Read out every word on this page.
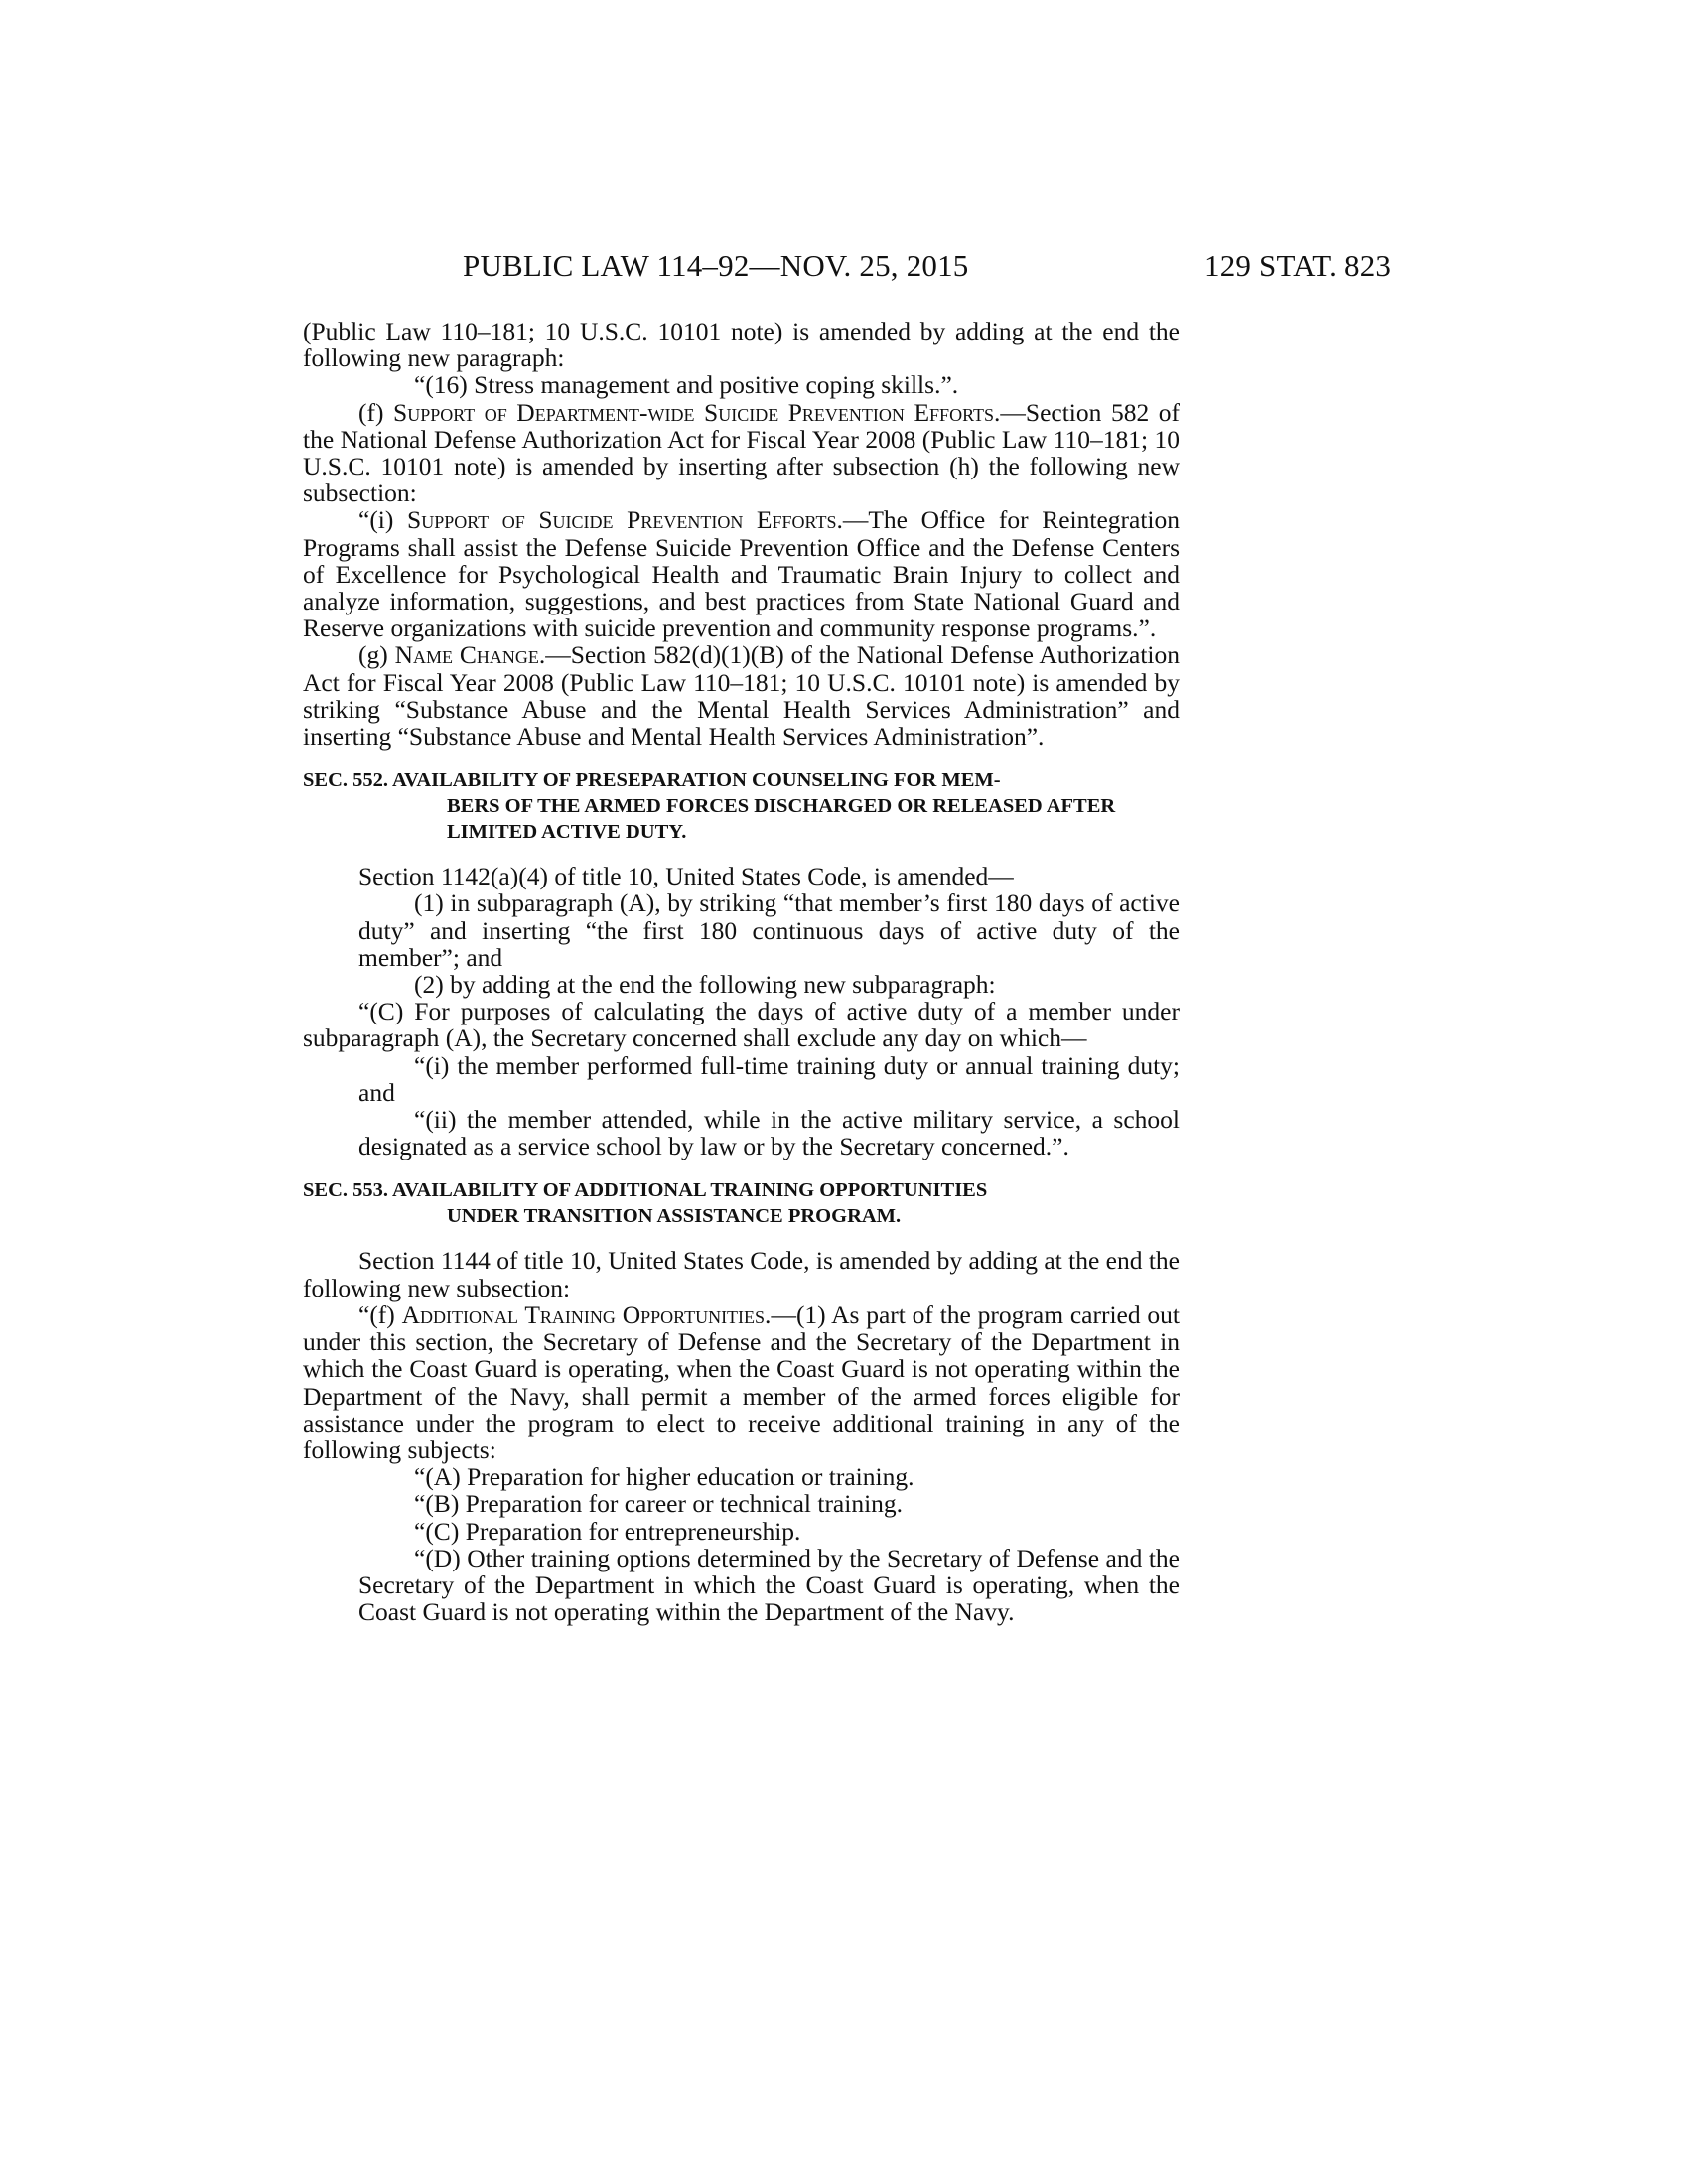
PUBLIC LAW 114–92—NOV. 25, 2015	129 STAT. 823

(Public Law 110–181; 10 U.S.C. 10101 note) is amended by adding at the end the following new paragraph:

“(16) Stress management and positive coping skills.”.

(f) Support of Department-wide Suicide Prevention Efforts.—Section 582 of the National Defense Authorization Act for Fiscal Year 2008 (Public Law 110–181; 10 U.S.C. 10101 note) is amended by inserting after subsection (h) the following new subsection:

“(i) Support of Suicide Prevention Efforts.—The Office for Reintegration Programs shall assist the Defense Suicide Prevention Office and the Defense Centers of Excellence for Psychological Health and Traumatic Brain Injury to collect and analyze information, suggestions, and best practices from State National Guard and Reserve organizations with suicide prevention and community response programs.”.

(g) Name Change.—Section 582(d)(1)(B) of the National Defense Authorization Act for Fiscal Year 2008 (Public Law 110–181; 10 U.S.C. 10101 note) is amended by striking “Substance Abuse and the Mental Health Services Administration” and inserting “Substance Abuse and Mental Health Services Administration”.

SEC. 552. AVAILABILITY OF PRESEPARATION COUNSELING FOR MEM-
BERS OF THE ARMED FORCES DISCHARGED OR RELEASED AFTER LIMITED ACTIVE DUTY.

Section 1142(a)(4) of title 10, United States Code, is amended—

(1) in subparagraph (A), by striking “that member’s first 180 days of active duty” and inserting “the first 180 continuous days of active duty of the member”; and

(2) by adding at the end the following new subparagraph:

“(C) For purposes of calculating the days of active duty of a member under subparagraph (A), the Secretary concerned shall exclude any day on which—

“(i) the member performed full-time training duty or annual training duty; and

“(ii) the member attended, while in the active military service, a school designated as a service school by law or by the Secretary concerned.”.

SEC. 553. AVAILABILITY OF ADDITIONAL TRAINING OPPORTUNITIES
UNDER TRANSITION ASSISTANCE PROGRAM.

Section 1144 of title 10, United States Code, is amended by adding at the end the following new subsection:

“(f) Additional Training Opportunities.—(1) As part of the program carried out under this section, the Secretary of Defense and the Secretary of the Department in which the Coast Guard is operating, when the Coast Guard is not operating within the Department of the Navy, shall permit a member of the armed forces eligible for assistance under the program to elect to receive additional training in any of the following subjects:

“(A) Preparation for higher education or training.

“(B) Preparation for career or technical training.

“(C) Preparation for entrepreneurship.

“(D) Other training options determined by the Secretary of Defense and the Secretary of the Department in which the Coast Guard is operating, when the Coast Guard is not operating within the Department of the Navy.
